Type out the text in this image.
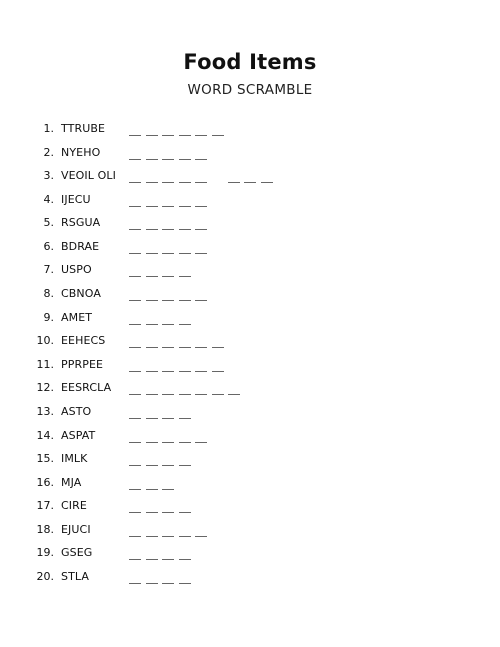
Food Items
WORD SCRAMBLE
1. TTRUBE
2. NYEHO
3. VEOIL OLI
4. IJECU
5. RSGUA
6. BDRAE
7. USPO
8. CBNOA
9. AMET
10. EEHECS
11. PPRPEE
12. EESRCLA
13. ASTO
14. ASPAT
15. IMLK
16. MJA
17. CIRE
18. EJUCI
19. GSEG
20. STLA
